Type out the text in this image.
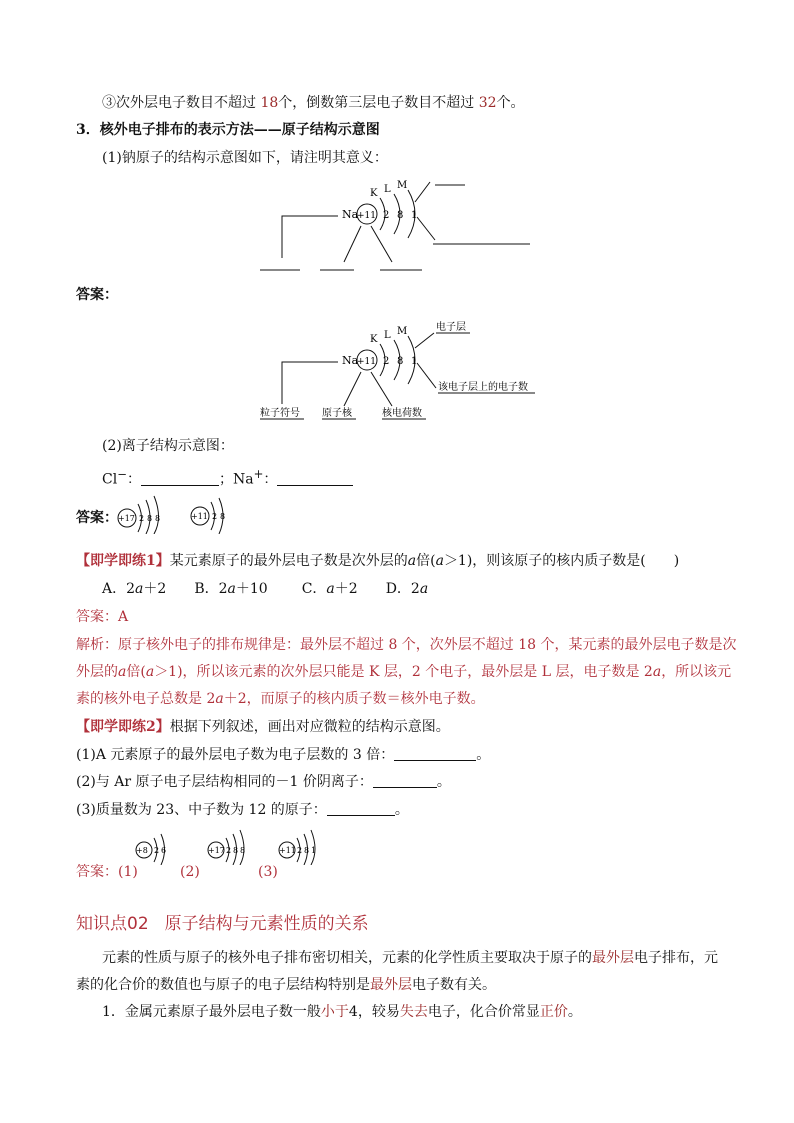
③次外层电子数目不超过 18个，倒数第三层电子数目不超过 32个。
3．核外电子排布的表示方法——原子结构示意图
(1)钠原子的结构示意图如下，请注明其意义：
Na
+11
K L M
2 8 1
答案：
Na
+11
K L M
2 8 1
电子层
该电子层上的电子数
粒子符号 原子核	核电荷数
(2)离子结构示意图：
Cl−：	；Na+：
答案： +17 2 8 8	+11 2 8
【即学即练1】某元素原子的最外层电子数是次外层的a倍(a＞1)，则该原子的核内质子数是(　　)
A．2a＋2 B．2a＋10 C．a＋2 D．2a
答案：A
解析：原子核外电子的排布规律是：最外层不超过 8 个，次外层不超过 18 个，某元素的最外层电子数是次
外层的a倍(a＞1)，所以该元素的次外层只能是 K 层，2 个电子，最外层是 L 层，电子数是 2a，所以该元
素的核外电子总数是 2a＋2，而原子的核内质子数＝核外电子数。
【即学即练2】根据下列叙述，画出对应微粒的结构示意图。
(1)A 元素原子的最外层电子数为电子层数的 3 倍：	。
(2)与 Ar 原子电子层结构相同的－1 价阴离子：	。
(3)质量数为 23、中子数为 12 的原子：	。
答案：(1)	(2)	(3)
+8 2 6	+17 2 8 8	+11 2 8 1
知识点02 原子结构与元素性质的关系
元素的性质与原子的核外电子排布密切相关，元素的化学性质主要取决于原子的最外层电子排布，元
素的化合价的数值也与原子的电子层结构特别是最外层电子数有关。
1．金属元素原子最外层电子数一般小于4，较易失去电子，化合价常显正价。
